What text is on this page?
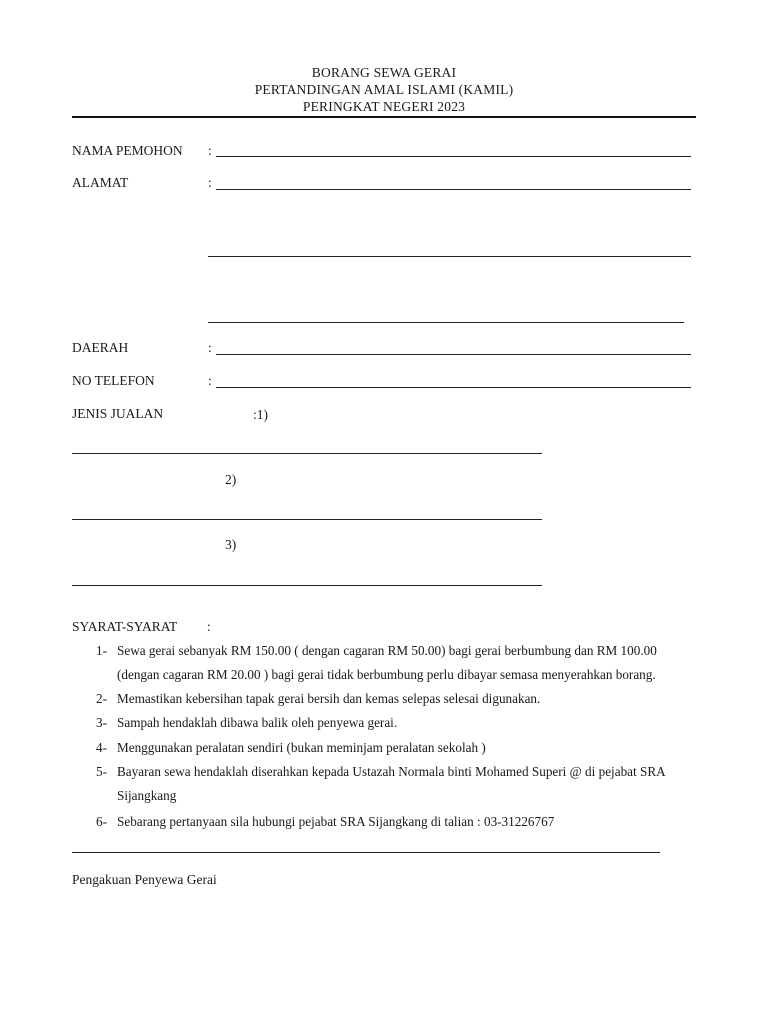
BORANG SEWA GERAI
PERTANDINGAN AMAL ISLAMI (KAMIL)
PERINGKAT NEGERI 2023
NAMA PEMOHON :
ALAMAT	:
DAERAH	:
NO TELEFON	:
JENIS JUALAN	:1)
2)
3)
SYARAT-SYARAT :
1- Sewa gerai sebanyak RM 150.00 ( dengan cagaran RM 50.00) bagi gerai berbumbung dan RM 100.00
(dengan cagaran RM 20.00 ) bagi gerai tidak berbumbung perlu dibayar semasa menyerahkan borang.
2- Memastikan kebersihan tapak gerai bersih dan kemas selepas selesai digunakan.
3- Sampah hendaklah dibawa balik oleh penyewa gerai.
4- Menggunakan peralatan sendiri (bukan meminjam peralatan sekolah )
5- Bayaran sewa hendaklah diserahkan kepada Ustazah Normala binti Mohamed Superi @ di pejabat SRA
Sijangkang
6- Sebarang pertanyaan sila hubungi pejabat SRA Sijangkang di talian : 03-31226767
Pengakuan Penyewa Gerai
